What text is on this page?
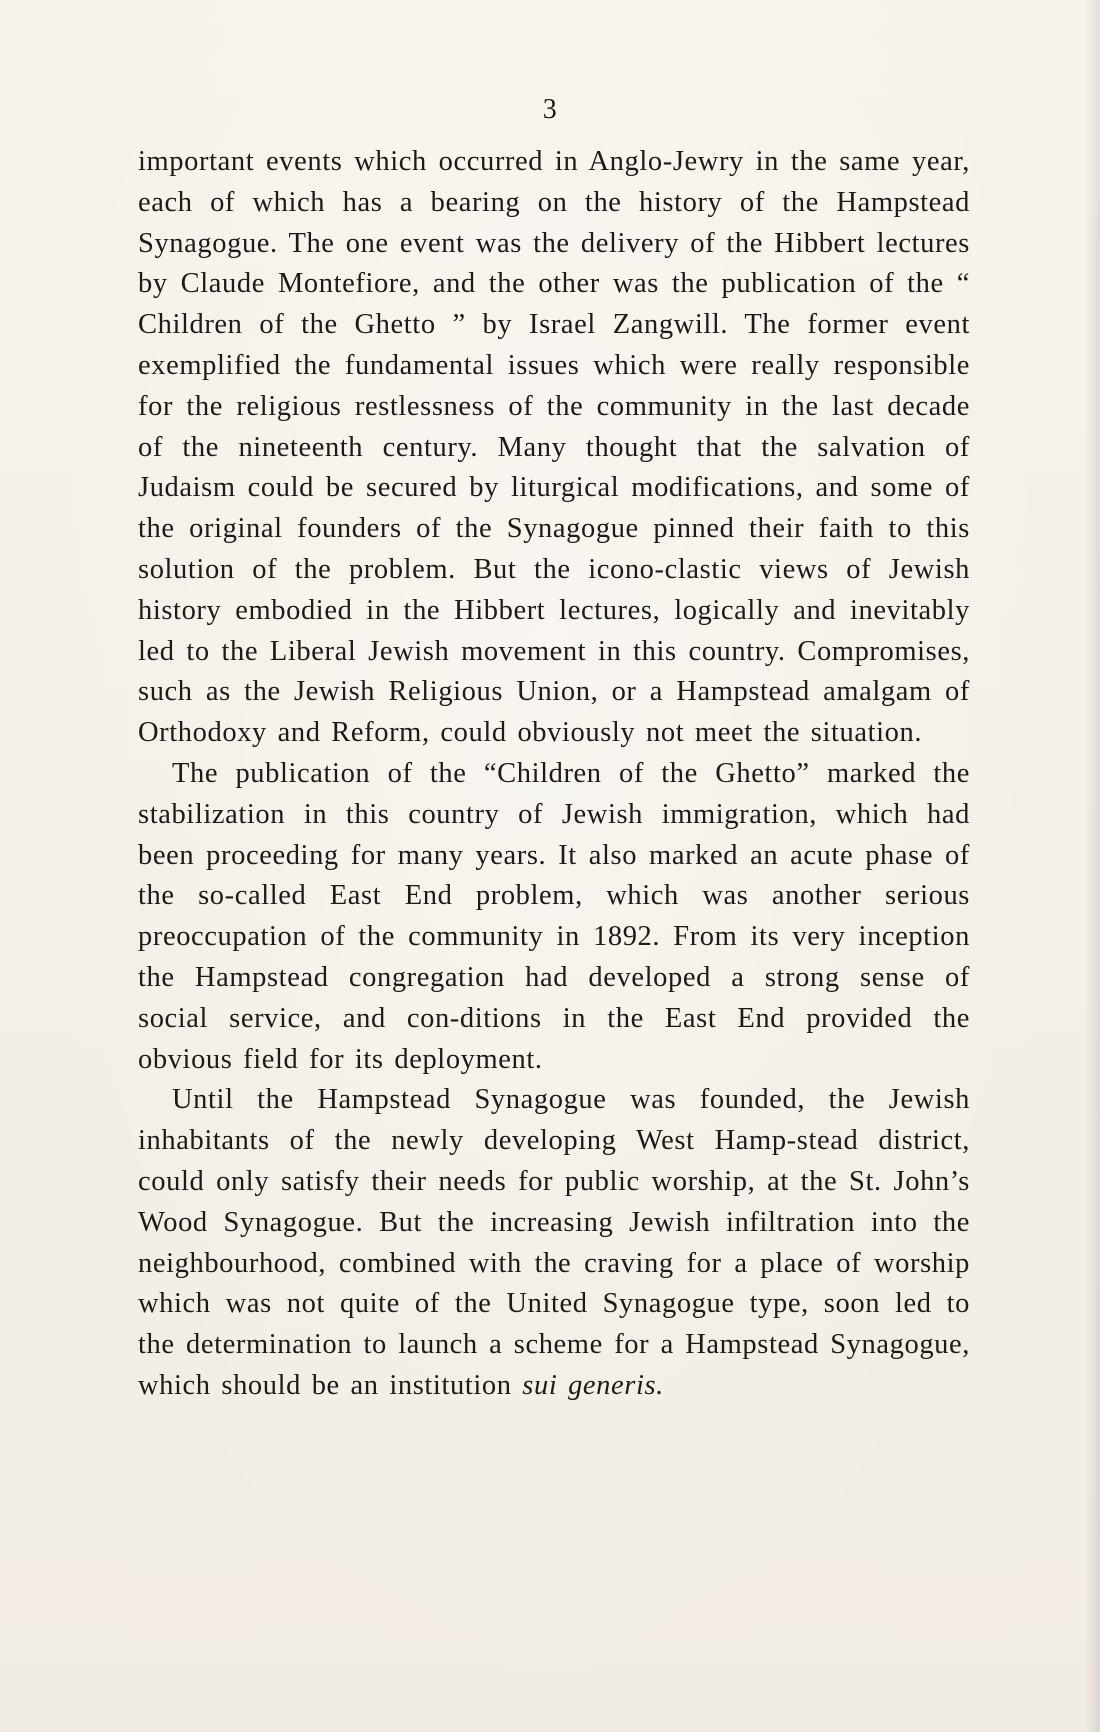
3

important events which occurred in Anglo-Jewry in the same year, each of which has a bearing on the history of the Hampstead Synagogue. The one event was the delivery of the Hibbert lectures by Claude Montefiore, and the other was the publication of the “ Children of the Ghetto ” by Israel Zangwill. The former event exemplified the fundamental issues which were really responsible for the religious restlessness of the community in the last decade of the nineteenth century. Many thought that the salvation of Judaism could be secured by liturgical modifications, and some of the original founders of the Synagogue pinned their faith to this solution of the problem. But the icono-clastic views of Jewish history embodied in the Hibbert lectures, logically and inevitably led to the Liberal Jewish movement in this country. Compromises, such as the Jewish Religious Union, or a Hampstead amalgam of Orthodoxy and Reform, could obviously not meet the situation.

The publication of the “Children of the Ghetto” marked the stabilization in this country of Jewish immigration, which had been proceeding for many years. It also marked an acute phase of the so-called East End problem, which was another serious preoccupation of the community in 1892. From its very inception the Hampstead congregation had developed a strong sense of social service, and con-ditions in the East End provided the obvious field for its deployment.

Until the Hampstead Synagogue was founded, the Jewish inhabitants of the newly developing West Hamp-stead district, could only satisfy their needs for public worship, at the St. John’s Wood Synagogue. But the increasing Jewish infiltration into the neighbourhood, combined with the craving for a place of worship which was not quite of the United Synagogue type, soon led to the determination to launch a scheme for a Hampstead Synagogue, which should be an institution sui generis.
